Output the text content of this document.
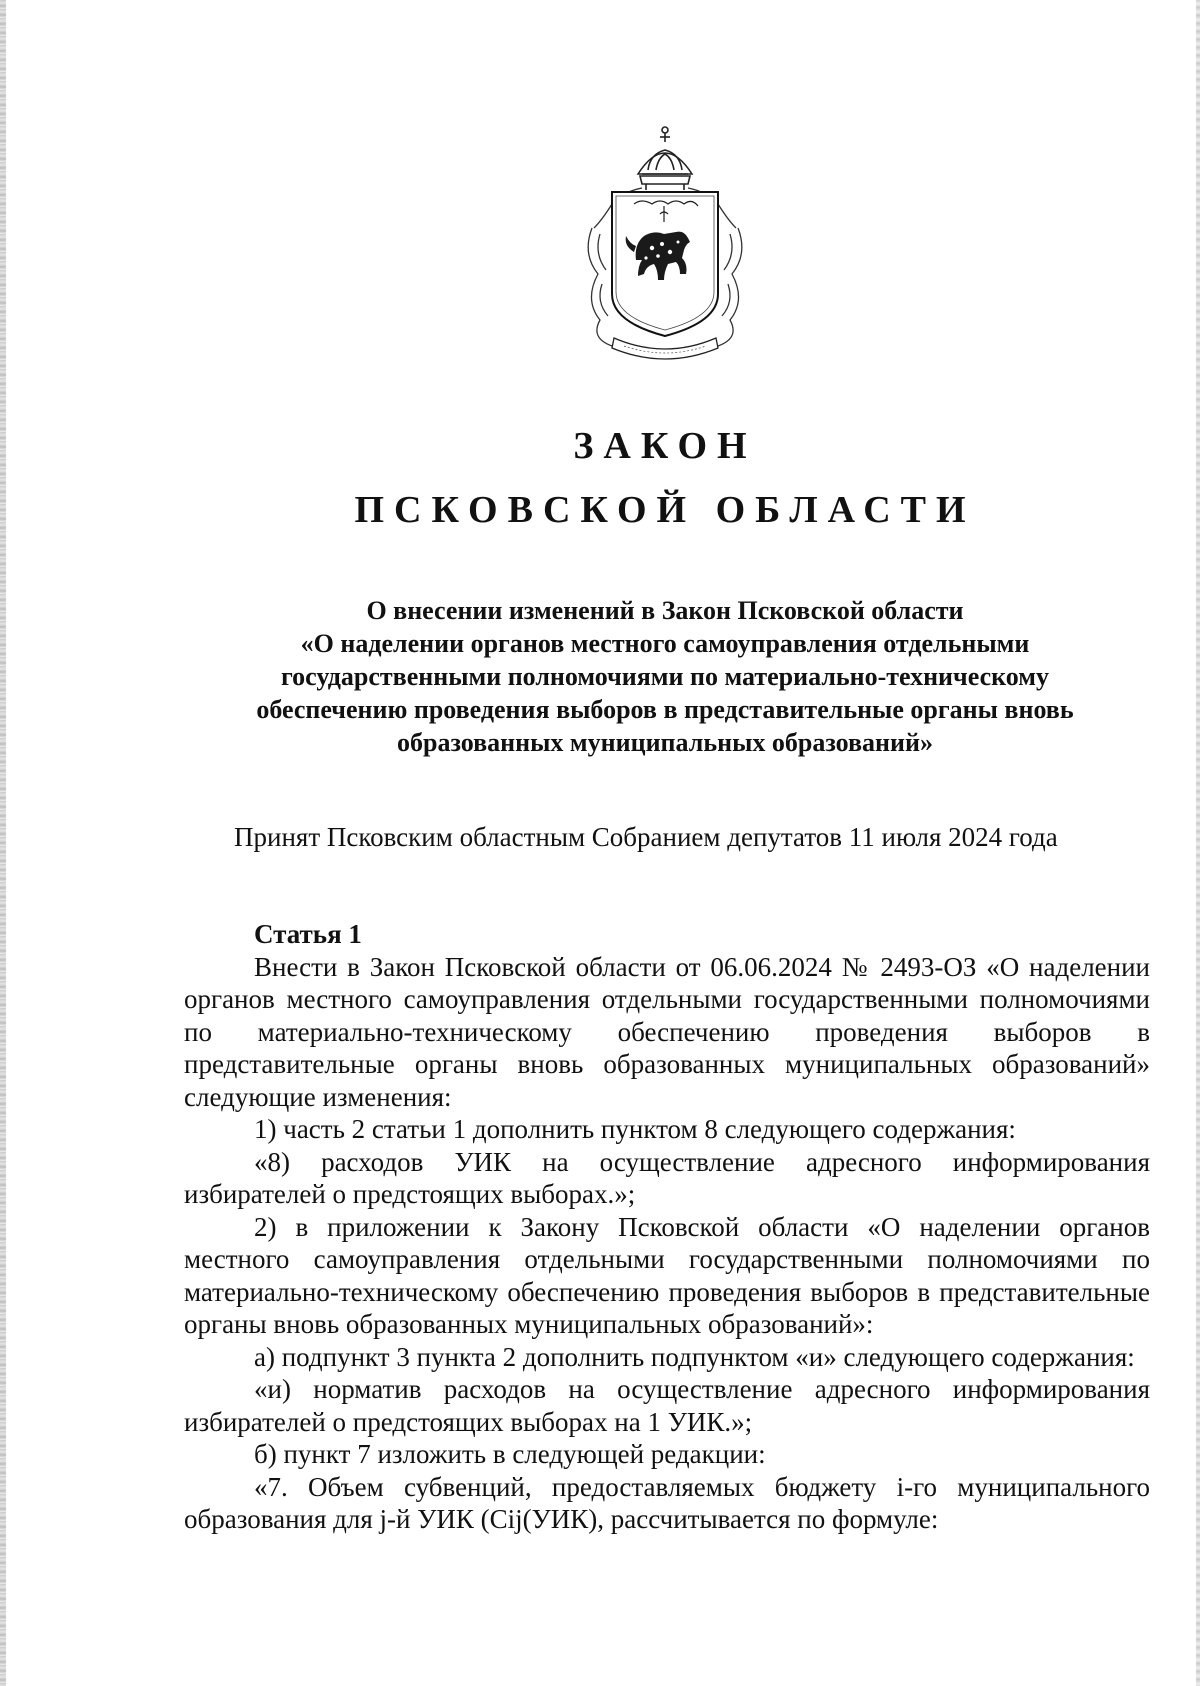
ЗАКОН
ПСКОВСКОЙ ОБЛАСТИ
О внесении изменений в Закон Псковской области
«О наделении органов местного самоуправления отдельными
государственными полномочиями по материально-техническому
обеспечению проведения выборов в представительные органы вновь
образованных муниципальных образований»
Принят Псковским областным Собранием депутатов 11 июля 2024 года
Статья 1

Внести в Закон Псковской области от 06.06.2024 № 2493-ОЗ «О наделении органов местного самоуправления отдельными государственными полномочиями по материально-техническому обеспечению проведения выборов в представительные органы вновь образованных муниципальных образований» следующие изменения:

1) часть 2 статьи 1 дополнить пунктом 8 следующего содержания:

«8) расходов УИК на осуществление адресного информирования избирателей о предстоящих выборах.»;

2) в приложении к Закону Псковской области «О наделении органов местного самоуправления отдельными государственными полномочиями по материально-техническому обеспечению проведения выборов в представительные органы вновь образованных муниципальных образований»:

а) подпункт 3 пункта 2 дополнить подпунктом «и» следующего содержания:

«и) норматив расходов на осуществление адресного информирования избирателей о предстоящих выборах на 1 УИК.»;

б) пункт 7 изложить в следующей редакции:

«7. Объем субвенций, предоставляемых бюджету i-го муниципального образования для j-й УИК (Cij(УИК), рассчитывается по формуле:
